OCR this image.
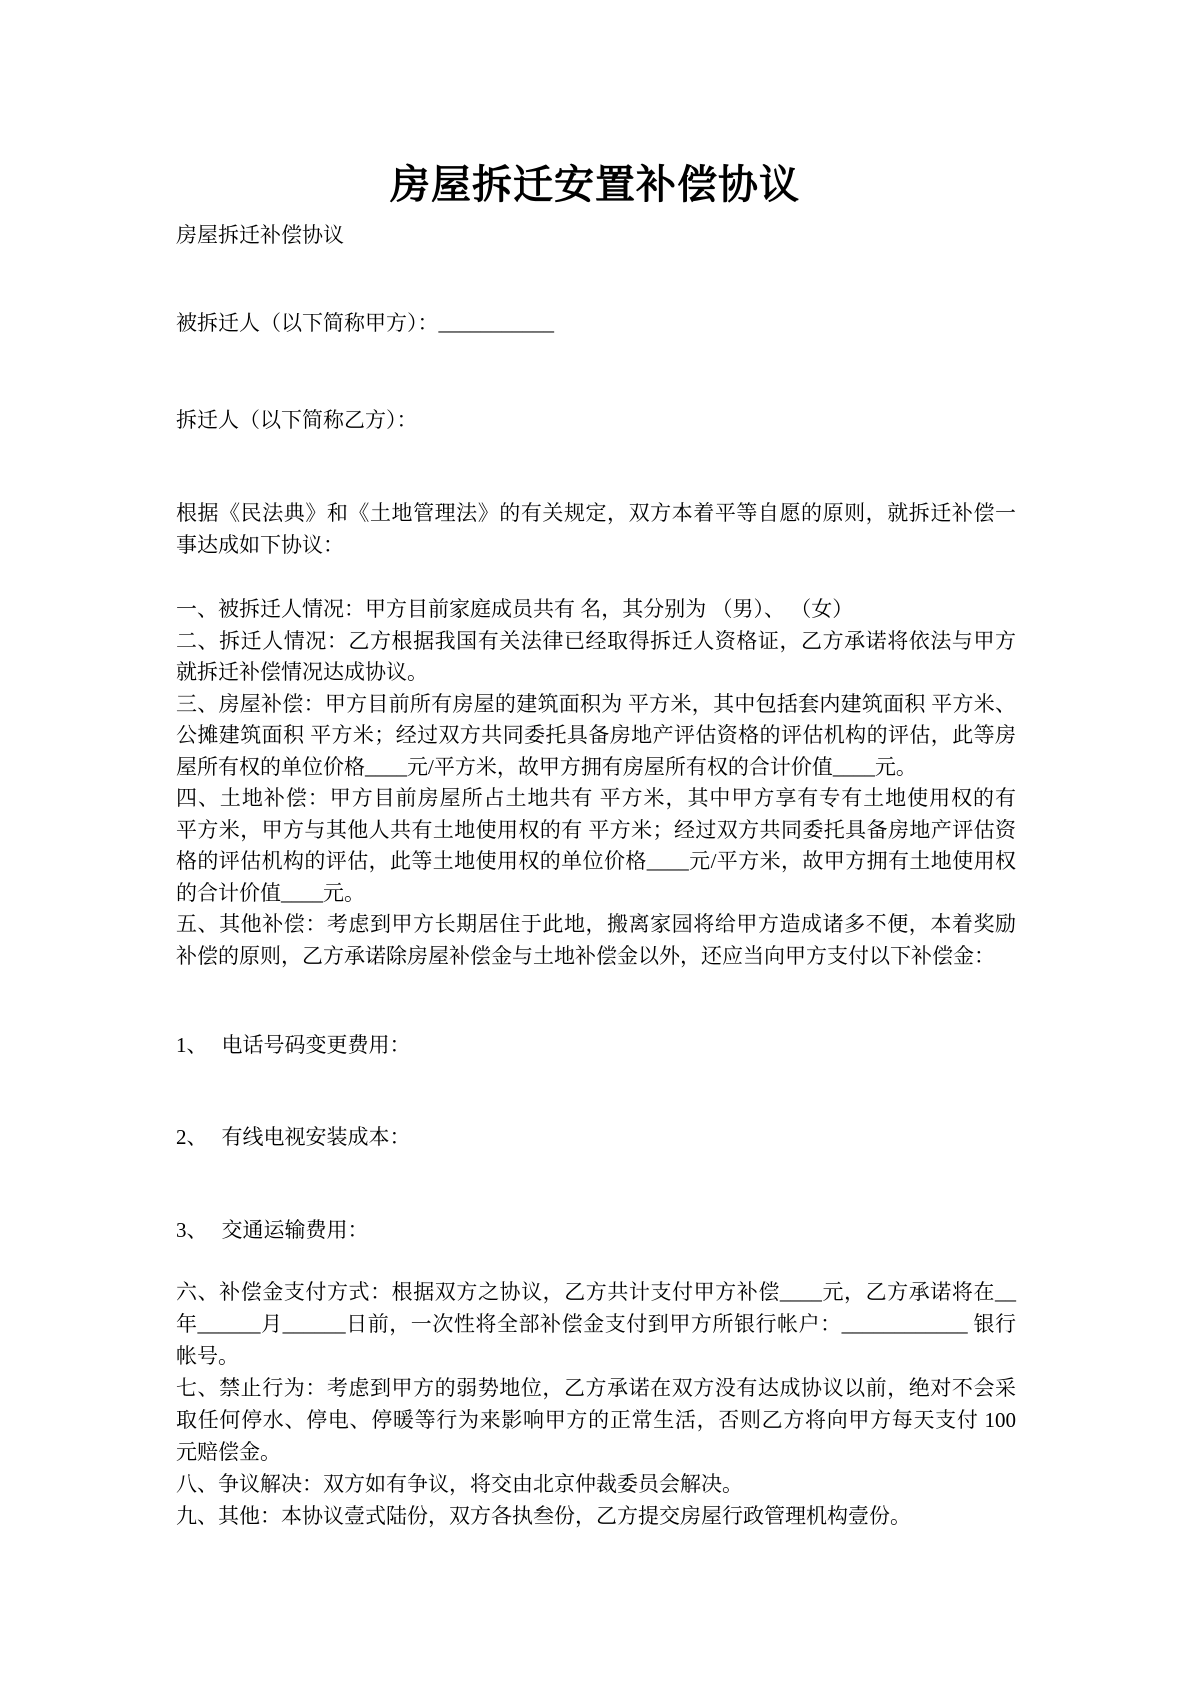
房屋拆迁安置补偿协议
房屋拆迁补偿协议
被拆迁人（以下简称甲方）：___________
拆迁人（以下简称乙方）：
根据《民法典》和《土地管理法》的有关规定，双方本着平等自愿的原则，就拆迁补偿一
事达成如下协议：
一、被拆迁人情况：甲方目前家庭成员共有 名，其分别为 （男）、 （女）
二、拆迁人情况：乙方根据我国有关法律已经取得拆迁人资格证，乙方承诺将依法与甲方
就拆迁补偿情况达成协议。
三、房屋补偿：甲方目前所有房屋的建筑面积为 平方米，其中包括套内建筑面积 平方米、
公摊建筑面积 平方米；经过双方共同委托具备房地产评估资格的评估机构的评估，此等房
屋所有权的单位价格____元/平方米，故甲方拥有房屋所有权的合计价值____元。
四、土地补偿：甲方目前房屋所占土地共有 平方米，其中甲方享有专有土地使用权的有
平方米，甲方与其他人共有土地使用权的有 平方米；经过双方共同委托具备房地产评估资
格的评估机构的评估，此等土地使用权的单位价格____元/平方米，故甲方拥有土地使用权
的合计价值____元。
五、其他补偿：考虑到甲方长期居住于此地，搬离家园将给甲方造成诸多不便，本着奖励
补偿的原则，乙方承诺除房屋补偿金与土地补偿金以外，还应当向甲方支付以下补偿金：
1、 电话号码变更费用：
2、 有线电视安装成本：
3、 交通运输费用：
六、补偿金支付方式：根据双方之协议，乙方共计支付甲方补偿____元，乙方承诺将在__
年______月______日前，一次性将全部补偿金支付到甲方所银行帐户：____________ 银行
帐号。
七、禁止行为：考虑到甲方的弱势地位，乙方承诺在双方没有达成协议以前，绝对不会采
取任何停水、停电、停暖等行为来影响甲方的正常生活，否则乙方将向甲方每天支付 100
元赔偿金。
八、争议解决：双方如有争议，将交由北京仲裁委员会解决。
九、其他：本协议壹式陆份，双方各执叁份，乙方提交房屋行政管理机构壹份。
